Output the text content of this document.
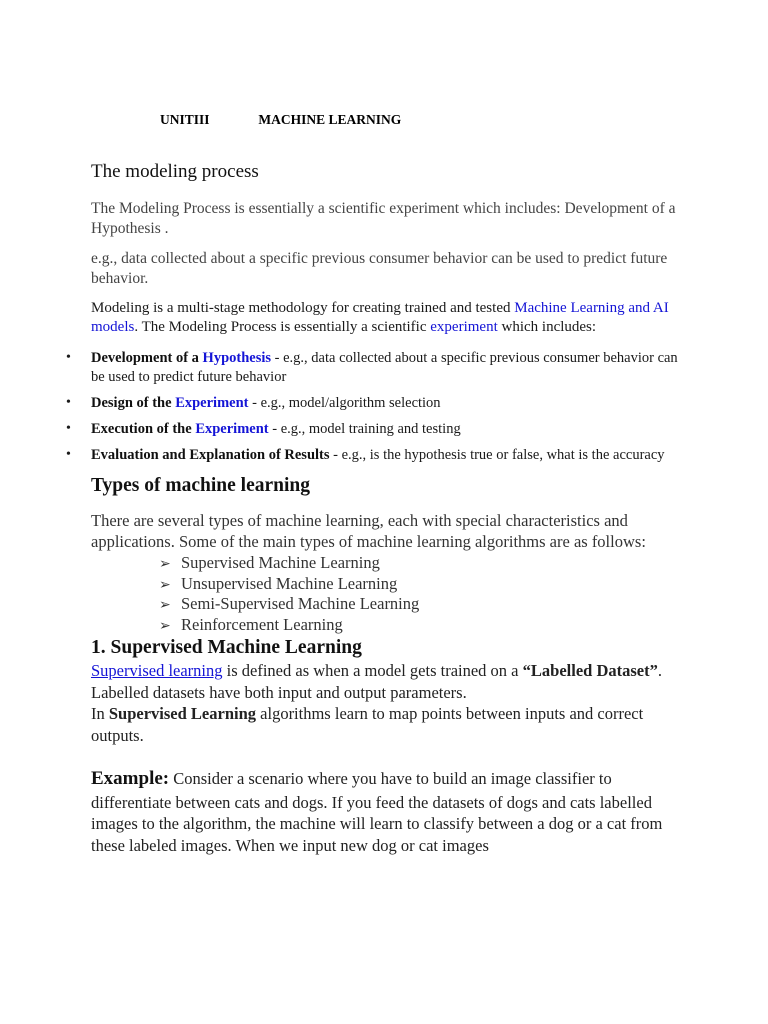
UNITIII	MACHINE LEARNING
The modeling process

The Modeling Process is essentially a scientific experiment which includes: Development of a Hypothesis .

e.g., data collected about a specific previous consumer behavior can be used to predict future behavior.

Modeling is a multi-stage methodology for creating trained and tested Machine Learning and AI models. The Modeling Process is essentially a scientific experiment which includes:

• Development of a Hypothesis - e.g., data collected about a specific previous consumer behavior can be used to predict future behavior
• Design of the Experiment - e.g., model/algorithm selection
• Execution of the Experiment - e.g., model training and testing
• Evaluation and Explanation of Results - e.g., is the hypothesis true or false, what is the accuracy
Types of machine learning

There are several types of machine learning, each with special characteristics and applications. Some of the main types of machine learning algorithms are as follows:

➢ Supervised Machine Learning
➢ Unsupervised Machine Learning
➢ Semi-Supervised Machine Learning
➢ Reinforcement Learning
1. Supervised Machine Learning

Supervised learning is defined as when a model gets trained on a “Labelled Dataset”. Labelled datasets have both input and output parameters.
In Supervised Learning algorithms learn to map points between inputs and correct outputs.

Example: Consider a scenario where you have to build an image classifier to differentiate between cats and dogs. If you feed the datasets of dogs and cats labelled images to the algorithm, the machine will learn to classify between a dog or a cat from these labeled images. When we input new dog or cat images
